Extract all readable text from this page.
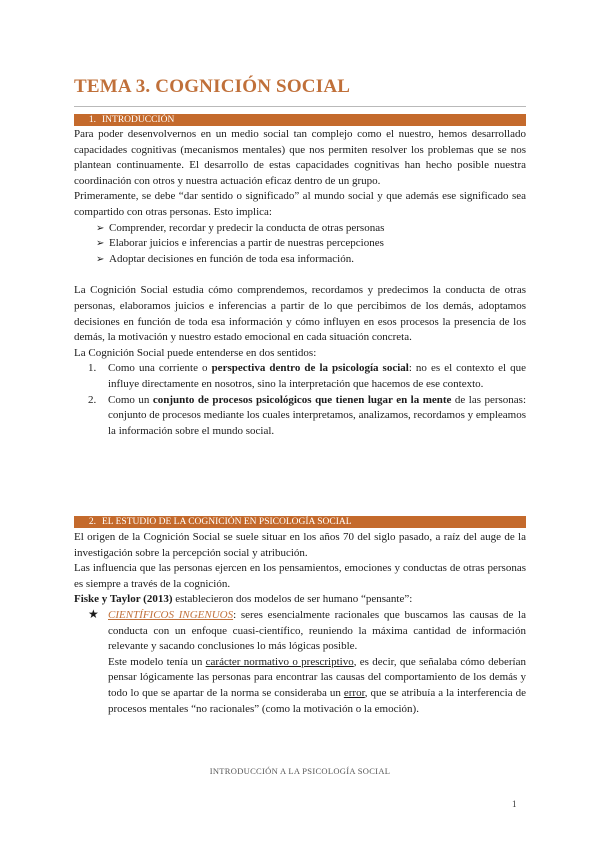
TEMA 3. COGNICIÓN SOCIAL
1. INTRODUCCIÓN

Para poder desenvolvernos en un medio social tan complejo como el nuestro, hemos desarrollado capacidades cognitivas (mecanismos mentales) que nos permiten resolver los problemas que se nos plantean continuamente. El desarrollo de estas capacidades cognitivas han hecho posible nuestra coordinación con otros y nuestra actuación eficaz dentro de un grupo.

Primeramente, se debe “dar sentido o significado” al mundo social y que además ese significado sea compartido con otras personas. Esto implica:

➢ Comprender, recordar y predecir la conducta de otras personas
➢ Elaborar juicios e inferencias a partir de nuestras percepciones
➢ Adoptar decisiones en función de toda esa información.

La Cognición Social estudia cómo comprendemos, recordamos y predecimos la conducta de otras personas, elaboramos juicios e inferencias a partir de lo que percibimos de los demás, adoptamos decisiones en función de toda esa información y cómo influyen en esos procesos la presencia de los demás, la motivación y nuestro estado emocional en cada situación concreta.

La Cognición Social puede entenderse en dos sentidos:

1. Como una corriente o perspectiva dentro de la psicología social: no es el contexto el que influye directamente en nosotros, sino la interpretación que hacemos de ese contexto.
2. Como un conjunto de procesos psicológicos que tienen lugar en la mente de las personas: conjunto de procesos mediante los cuales interpretamos, analizamos, recordamos y empleamos la información sobre el mundo social.
2. EL ESTUDIO DE LA COGNICIÓN EN PSICOLOGÍA SOCIAL

El origen de la Cognición Social se suele situar en los años 70 del siglo pasado, a raíz del auge de la investigación sobre la percepción social y atribución.

Las influencia que las personas ejercen en los pensamientos, emociones y conductas de otras personas es siempre a través de la cognición.

Fiske y Taylor (2013) establecieron dos modelos de ser humano “pensante”:

★ CIENTÍFICOS INGENUOS: seres esencialmente racionales que buscamos las causas de la conducta con un enfoque cuasi-científico, reuniendo la máxima cantidad de información relevante y sacando conclusiones lo más lógicas posible.

Este modelo tenía un carácter normativo o prescriptivo, es decir, que señalaba cómo deberían pensar lógicamente las personas para encontrar las causas del comportamiento de los demás y todo lo que se apartar de la norma se consideraba un error, que se atribuía a la interferencia de procesos mentales “no racionales” (como la motivación o la emoción).

INTRODUCCIÓN A LA PSICOLOGÍA SOCIAL
1
